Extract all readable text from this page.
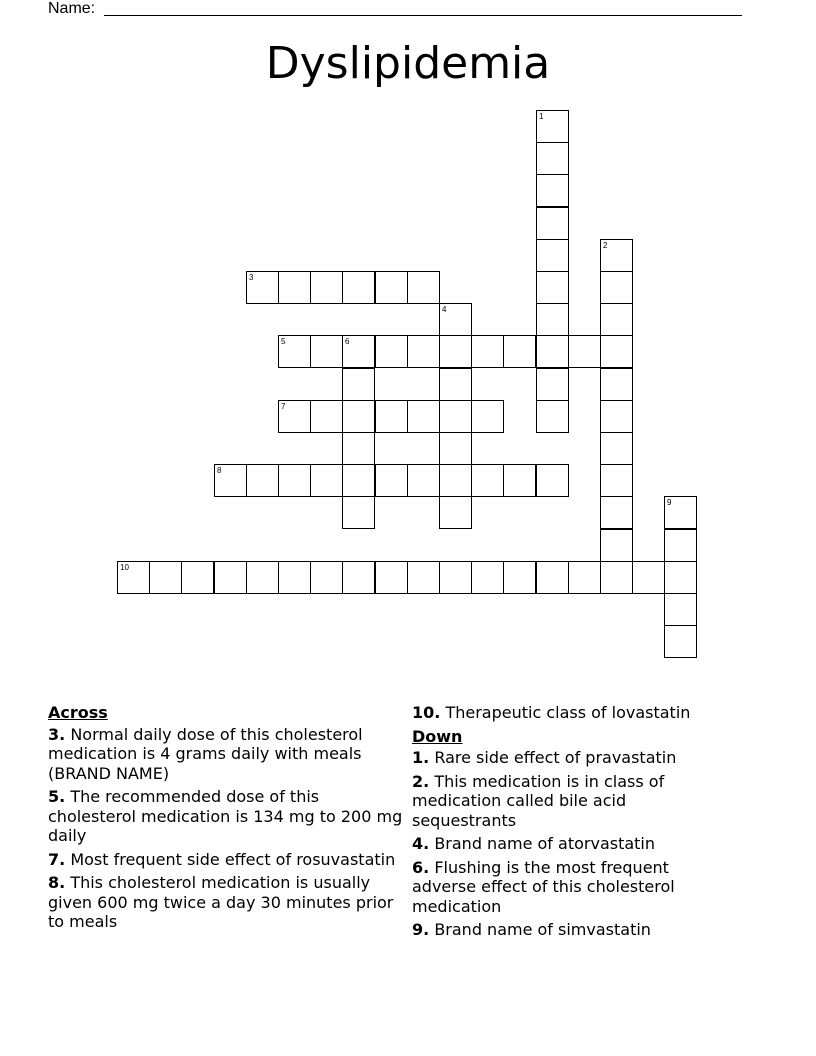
Name:
Dyslipidemia
1
2
3
4
5	6
7
8
9
10
Across
3. Normal daily dose of this cholesterol medication is 4 grams daily with meals (BRAND NAME)
5. The recommended dose of this cholesterol medication is 134 mg to 200 mg daily
7. Most frequent side effect of rosuvastatin
8. This cholesterol medication is usually given 600 mg twice a day 30 minutes prior to meals
10. Therapeutic class of lovastatin
Down
1. Rare side effect of pravastatin
2. This medication is in class of medication called bile acid sequestrants
4. Brand name of atorvastatin
6. Flushing is the most frequent adverse effect of this cholesterol medication
9. Brand name of simvastatin
